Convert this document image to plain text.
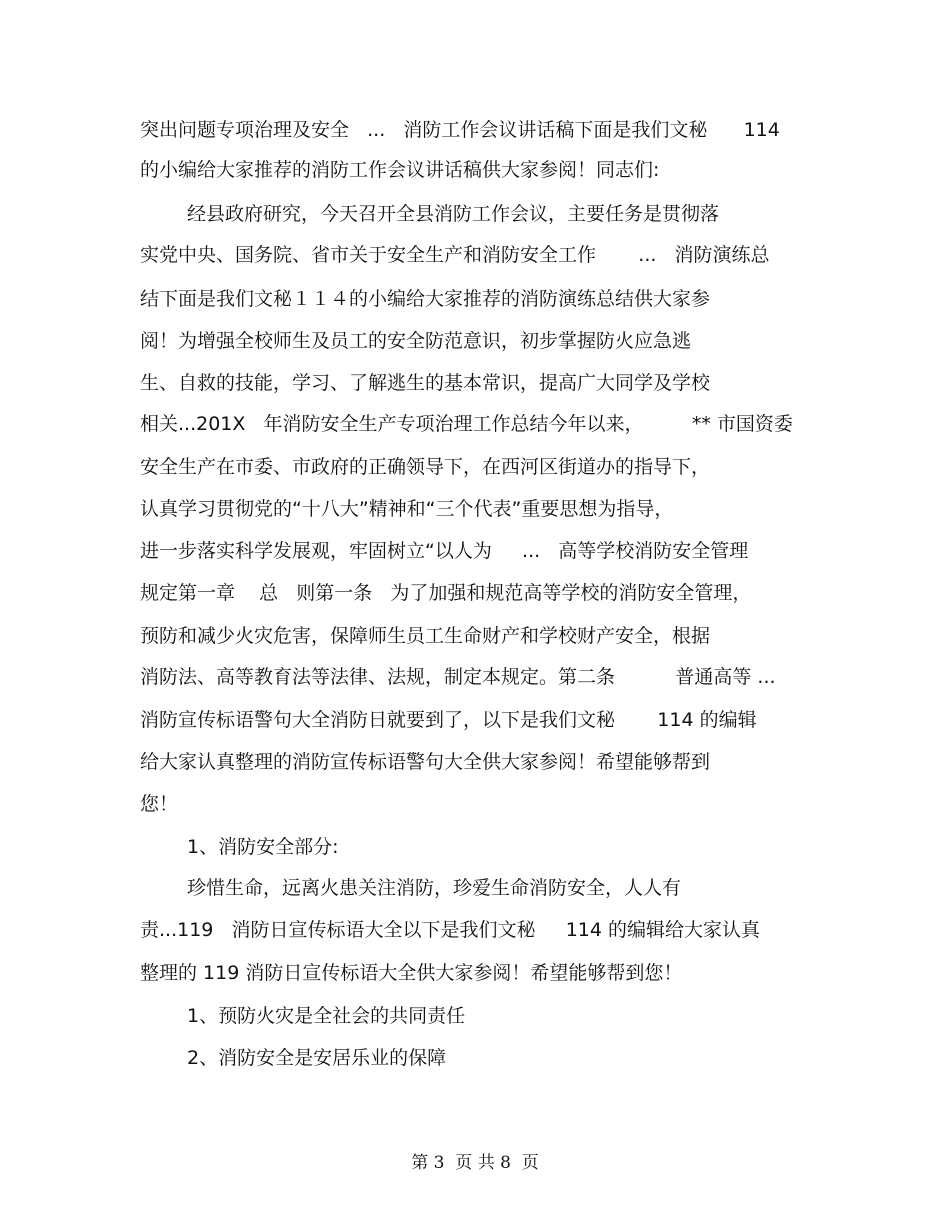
突出问题专项治理及安全   ...   消防工作会议讲话稿下面是我们文秘      114
的小编给大家推荐的消防工作会议讲话稿供大家参阅！同志们:
经县政府研究，今天召开全县消防工作会议，主要任务是贯彻落
实党中央、国务院、省市关于安全生产和消防安全工作       ...   消防演练总
结下面是我们文秘１１４的小编给大家推荐的消防演练总结供大家参
阅！为增强全校师生及员工的安全防范意识，初步掌握防火应急逃
生、自救的技能，学习、了解逃生的基本常识，提高广大同学及学校
相关...201X   年消防安全生产专项治理工作总结今年以来，        ** 市国资委
安全生产在市委、市政府的正确领导下，在西河区街道办的指导下，
认真学习贯彻党的“十八大”精神和“三个代表”重要思想为指导，
进一步落实科学发展观，牢固树立“以人为     ...   高等学校消防安全管理
规定第一章    总   则第一条   为了加强和规范高等学校的消防安全管理，
预防和减少火灾危害，保障师生员工生命财产和学校财产安全，根据
消防法、高等教育法等法律、法规，制定本规定。第二条          普通高等 ...
消防宣传标语警句大全消防日就要到了，以下是我们文秘       114 的编辑
给大家认真整理的消防宣传标语警句大全供大家参阅！希望能够帮到
您！
1、消防安全部分:
珍惜生命，远离火患关注消防，珍爱生命消防安全，人人有
责...119   消防日宣传标语大全以下是我们文秘     114 的编辑给大家认真
整理的 119 消防日宣传标语大全供大家参阅！希望能够帮到您！
1、预防火灾是全社会的共同责任
2、消防安全是安居乐业的保障
第 3  页 共 8  页
